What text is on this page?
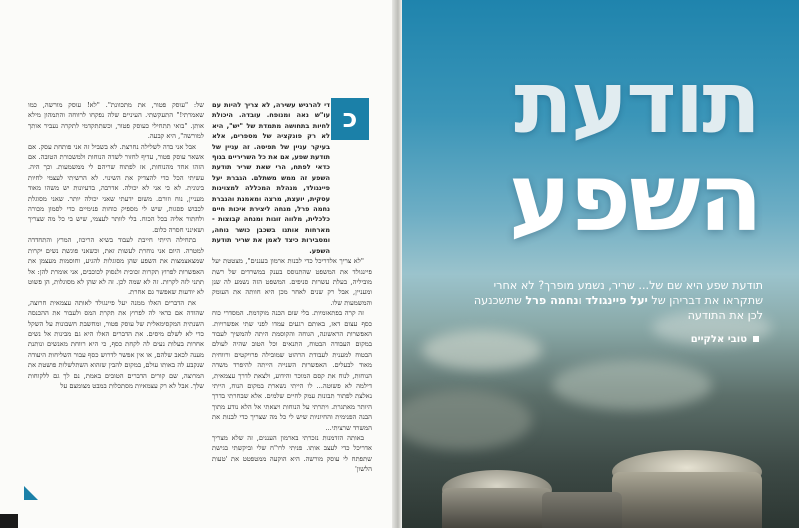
כ

די להרגיש עשירה, לא צריך להיות עם עו"ש נאה ומנופח. עובדה. היכולת לחיות בתחושה מתמדת של "יש", היא לא רק פונקציה של מספרים, אלא בעיקר עניין של תפיסה. זה עניין של תודעת שפע, אם את כל השריריים בגוף כדאי לפתח, הרי שאת שריר תודעת השפע זה ממש משתלם. הגברת יעל פיינגולד, מנהלת המכללה למצוינות עסקית, יועצת, מרצה ומאמנת והגברת נחמה פרל, מנחה ליצירת איכות חיים כלכלית, מלווה זוגות ומנחה קבוצות - מארחות אותנו בשכבן כושר נוחה, ומסבירות כיצד לאמן את שריר תודעת השפע.

"לא צריך אלדריכל כדי לבנות ארמון בעננים", מצטטת יעל פיינגולד את המשפט שהתנוסס בענק במשרדים של רשת מוביליה, בעלת עשרות סניפים. המשפט הזה נשמע לה שנן ומעניין, אבל רק שנים לאחר מכן היא חוותה את העומק והמשמעות שלו.

זה קרה בפתאומיות. בלי שום הכנה מוקדמת. המסדרי כוח כסף עצום דאז, באותם רגעים עמדו לפני שתי אפשרויות. האפשרות הראשונה, הגוחה והקוסמת היתה להמשיך לעבוד במקום העבודה הבטוח, התנאים וכל הטוב שהיה לעולם הבטוח למענית לעבודת הרהוט שמובילה פרויקטים ורווחית מאוד לבעלים. האפשרות השנייה הייתה להיפרד משדה הנוחות, לנוח את קסם המוכר והידוע, ולצאת לדרך עצמאית, דילמה לא פשוטה... לו הייתי נשארת במקום הנוח, הייתי נאלצת לפתור תבונות עמק לחיים שלמים. אלא שבחרתי בדרך היותר מאתגרת. ויתרתי על הנוחות ויצאתי אל הלא נודע מתוך הבנה הפנימית והחיוניות שיש לי כל מה שצריך כדי לבנות את המשרד שרציתי...

באותה הזדמנות נזכרתי בארמון העננים, זה שלא מצריך אדריכל כדי לעצב אותו. פניתי לרו"ח שלי וביקשתי בגישת שתפתח לי עוסק מורשה. היא הוקעה ממטפטט את 'טעות הלשון'

של: "עוסק פטור, את מתכוונת". "לא! עוסק מורשה, כמו שאמרתי!" התעקשתי. העיניים שלה נפקחו לרווחה והתמהון מילא אותן. "בואי תתחילי כעוסק פטור, וכשתתקדמי לתקרה נעביר אותך למורשה", היא קבעה.

אבל אני בדה לשלילה נחרצת. לא בשביל זה אני פותחת עסק. אם אשאר עוסק פטור, עדיף לחזור לשדה הנוחות ולמשכורת הטובה. אם הזהו אחד מהנוחות, אז לפתוח שריהם לי ממשמעות. וכך היה. עשיתי הכל כדי להצדיק את השינוי. לא הרשיתי לעצמי לחיות בינונית. לא כי אני לא יכולה. אדרבה, בדעיונות יש משהו מאוד מעניין, נוח וזורם. משום ידעתי שאני יכולה יותר. שאני מסוגלת לכבוש פסגות, שיש לי מספיק כוחות פנימיים כדי לסמון מכורה ולחתור אליה בכל הכוח. בלי לוותר לעצמי, שיש בי כל מה שצריך ושאינני חסרה כלום.

בתחילה הייתי חייבת לעבוד בשיא הריכוז, המרץ והתחדדה למטרה. היום אני נוחרת לעשות זאת, וכשאני פוגשת נשים יקרות שמצאצמצות את השפע שהן מסוגלות להגיע, וחוסמות מעצמן את האפשרות לפרוץ תקרות זכוכית ולנסוק לכוכבים, אני אומרת להן: אל תתני לזה לקרות. זה לא שמה לכן. זה לא שהן לא מסוגלות, הן פשוט לא יודעות שאפשר גם אחרת.

את הדברים האלו ממנה יעל פיינגולד לאותה עצמאית חרוצה, שהודה אם כדאי לה לפרוץ את תקרת המס ולעבור את ההכנסה השנתית המקסימאלית של עוסק פטור, ומחשבת חשבונות על השקל כדי לא לשלם מיסים. את הדברים האלו היא גם מבינות אל נשים אחרות בעלות נעים לה לקחת כסף, כי היא רווחת מאנשים ונותנת מענה לכאב שלהם, או אין אפשר לדרוש כסף עבור השליחות היעודה שנקבע לה באותו עולם, במקום להבין שזהוא השתלשלות פושטת את המרוצה, שם קורים הדברים הטובים באמת, נם לך גם ללקוחות שלך. אבל לא רק עצמאיות מסתכלות במבט מצומצם על

תודעת
השפע
תודעת שפע היא שם של... שריר, נשמע מופרך? לא אחרי שתקראו את דבריהן של יעל פיינגולד ונחמה פרל שתשכנעה לכן את התודעה
טובי אלקיים
